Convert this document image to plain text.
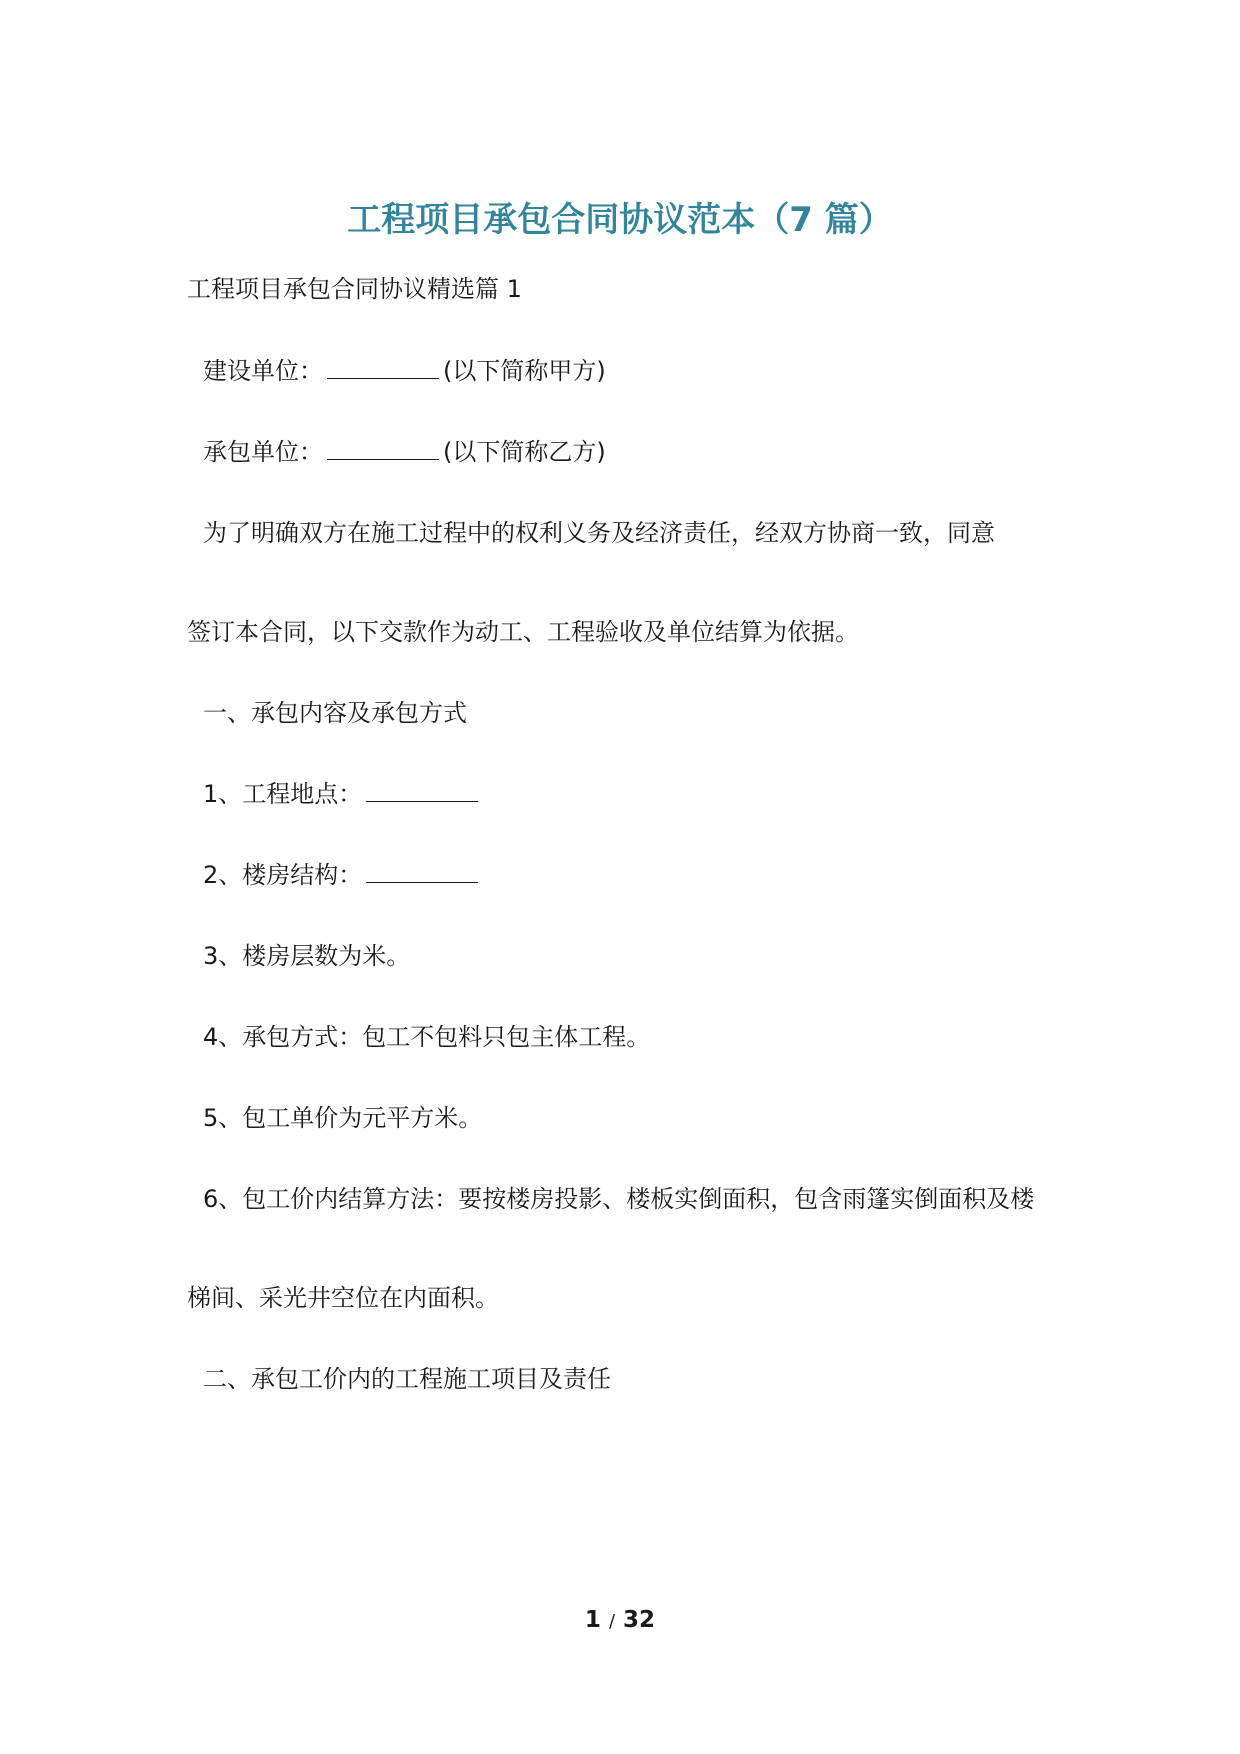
工程项目承包合同协议范本（7 篇）

工程项目承包合同协议精选篇 1

建设单位：	(以下简称甲方)

承包单位：	(以下简称乙方)

为了明确双方在施工过程中的权利义务及经济责任，经双方协商一致，同意

签订本合同，以下交款作为动工、工程验收及单位结算为依据。

一、承包内容及承包方式

1、工程地点：

2、楼房结构：

3、楼房层数为米。

4、承包方式：包工不包料只包主体工程。

5、包工单价为元平方米。

6、包工价内结算方法：要按楼房投影、楼板实倒面积，包含雨篷实倒面积及楼

梯间、采光井空位在内面积。

二、承包工价内的工程施工项目及责任

1 / 32
